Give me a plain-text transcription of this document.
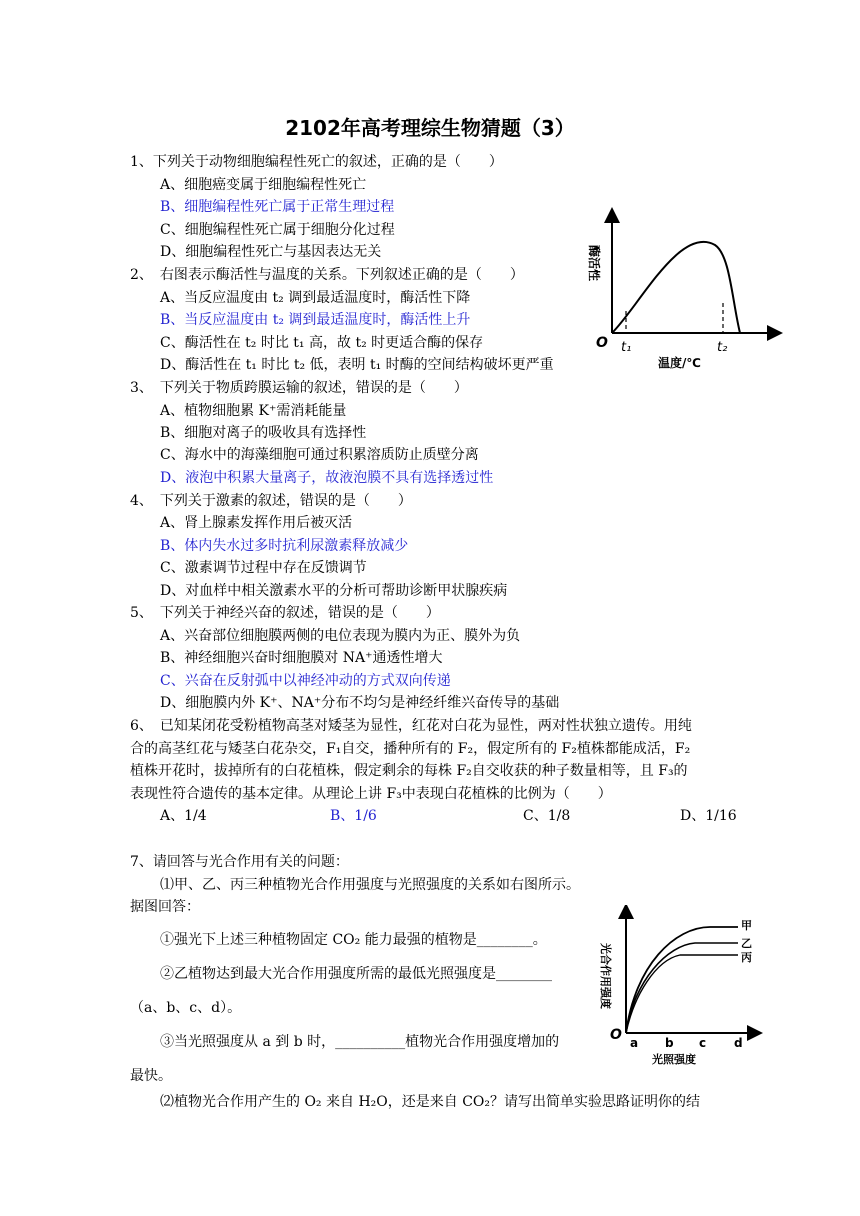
2102年高考理综生物猜题（3）
1、下列关于动物细胞编程性死亡的叙述，正确的是（　　）
A、细胞癌变属于细胞编程性死亡
B、细胞编程性死亡属于正常生理过程
C、细胞编程性死亡属于细胞分化过程
D、细胞编程性死亡与基因表达无关
2、　右图表示酶活性与温度的关系。下列叙述正确的是（　　）
A、当反应温度由 t₂ 调到最适温度时，酶活性下降
B、当反应温度由 t₂ 调到最适温度时，酶活性上升
C、酶活性在 t₂ 时比 t₁ 高，故 t₂ 时更适合酶的保存
D、酶活性在 t₁ 时比 t₂ 低，表明 t₁ 时酶的空间结构破坏更严重
3、　下列关于物质跨膜运输的叙述，错误的是（　　）
A、植物细胞累 K⁺需消耗能量
B、细胞对离子的吸收具有选择性
C、海水中的海藻细胞可通过积累溶质防止质壁分离
D、液泡中积累大量离子，故液泡膜不具有选择透过性
4、　下列关于激素的叙述，错误的是（　　）
A、肾上腺素发挥作用后被灭活
B、体内失水过多时抗利尿激素释放减少
C、激素调节过程中存在反馈调节
D、对血样中相关激素水平的分析可帮助诊断甲状腺疾病
5、　下列关于神经兴奋的叙述，错误的是（　　）
A、兴奋部位细胞膜两侧的电位表现为膜内为正、膜外为负
B、神经细胞兴奋时细胞膜对 NA⁺通透性增大
C、兴奋在反射弧中以神经冲动的方式双向传递
D、细胞膜内外 K⁺、NA⁺分布不均匀是神经纤维兴奋传导的基础
6、　已知某闭花受粉植物高茎对矮茎为显性，红花对白花为显性，两对性状独立遗传。用纯
合的高茎红花与矮茎白花杂交，F₁自交，播种所有的 F₂，假定所有的 F₂植株都能成活，F₂
植株开花时，拔掉所有的白花植株，假定剩余的每株 F₂自交收获的种子数量相等，且 F₃的
表现性符合遗传的基本定律。从理论上讲 F₃中表现白花植株的比例为（　　）
A、1/4	B、1/6	C、1/8	D、1/16
7、请回答与光合作用有关的问题：
⑴甲、乙、丙三种植物光合作用强度与光照强度的关系如右图所示。
据图回答：
①强光下上述三种植物固定 CO₂ 能力最强的植物是________。
②乙植物达到最大光合作用强度所需的最低光照强度是________
（a、b、c、d）。
③当光照强度从 a 到 b 时，__________植物光合作用强度增加的
最快。
⑵植物光合作用产生的 O₂ 来自 H₂O，还是来自 CO₂？请写出简单实验思路证明你的结
酶活性
O t₁	t₂
温度/℃
甲
乙
丙
光合作用强度
O a b c d
光照强度
